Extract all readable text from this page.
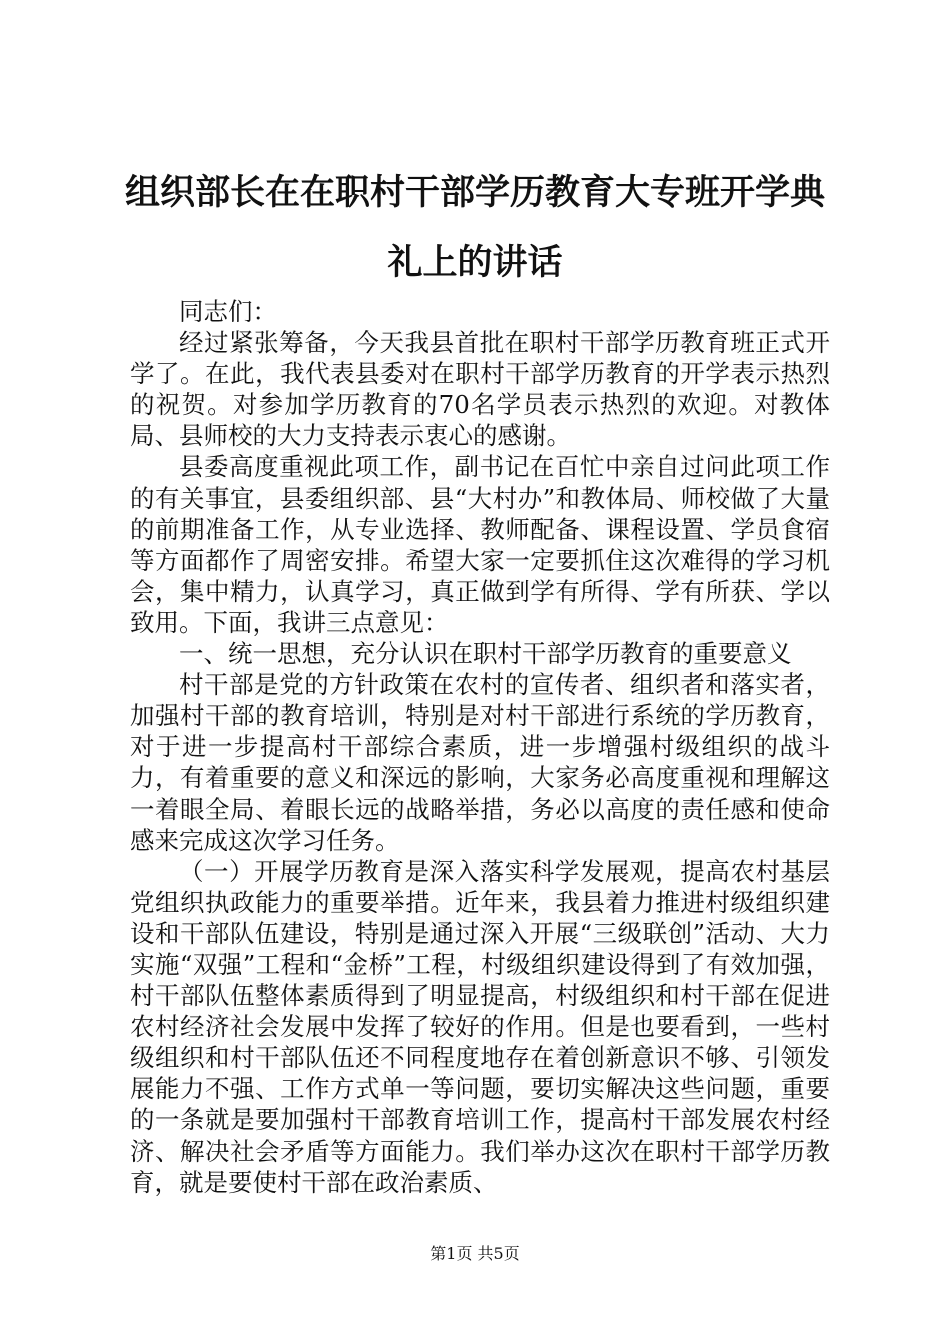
组织部长在在职村干部学历教育大专班开学典礼上的讲话

同志们：

经过紧张筹备，今天我县首批在职村干部学历教育班正式开学了。在此，我代表县委对在职村干部学历教育的开学表示热烈的祝贺。对参加学历教育的70名学员表示热烈的欢迎。对教体局、县师校的大力支持表示衷心的感谢。

县委高度重视此项工作，副书记在百忙中亲自过问此项工作的有关事宜，县委组织部、县“大村办”和教体局、师校做了大量的前期准备工作，从专业选择、教师配备、课程设置、学员食宿等方面都作了周密安排。希望大家一定要抓住这次难得的学习机会，集中精力，认真学习，真正做到学有所得、学有所获、学以致用。下面，我讲三点意见：

一、统一思想，充分认识在职村干部学历教育的重要意义

村干部是党的方针政策在农村的宣传者、组织者和落实者，加强村干部的教育培训，特别是对村干部进行系统的学历教育，对于进一步提高村干部综合素质，进一步增强村级组织的战斗力，有着重要的意义和深远的影响，大家务必高度重视和理解这一着眼全局、着眼长远的战略举措，务必以高度的责任感和使命感来完成这次学习任务。

（一）开展学历教育是深入落实科学发展观，提高农村基层党组织执政能力的重要举措。近年来，我县着力推进村级组织建设和干部队伍建设，特别是通过深入开展“三级联创”活动、大力实施“双强”工程和“金桥”工程，村级组织建设得到了有效加强，村干部队伍整体素质得到了明显提高，村级组织和村干部在促进农村经济社会发展中发挥了较好的作用。但是也要看到，一些村级组织和村干部队伍还不同程度地存在着创新意识不够、引领发展能力不强、工作方式单一等问题，要切实解决这些问题，重要的一条就是要加强村干部教育培训工作，提高村干部发展农村经济、解决社会矛盾等方面能力。我们举办这次在职村干部学历教育，就是要使村干部在政治素质、

第1页 共5页
